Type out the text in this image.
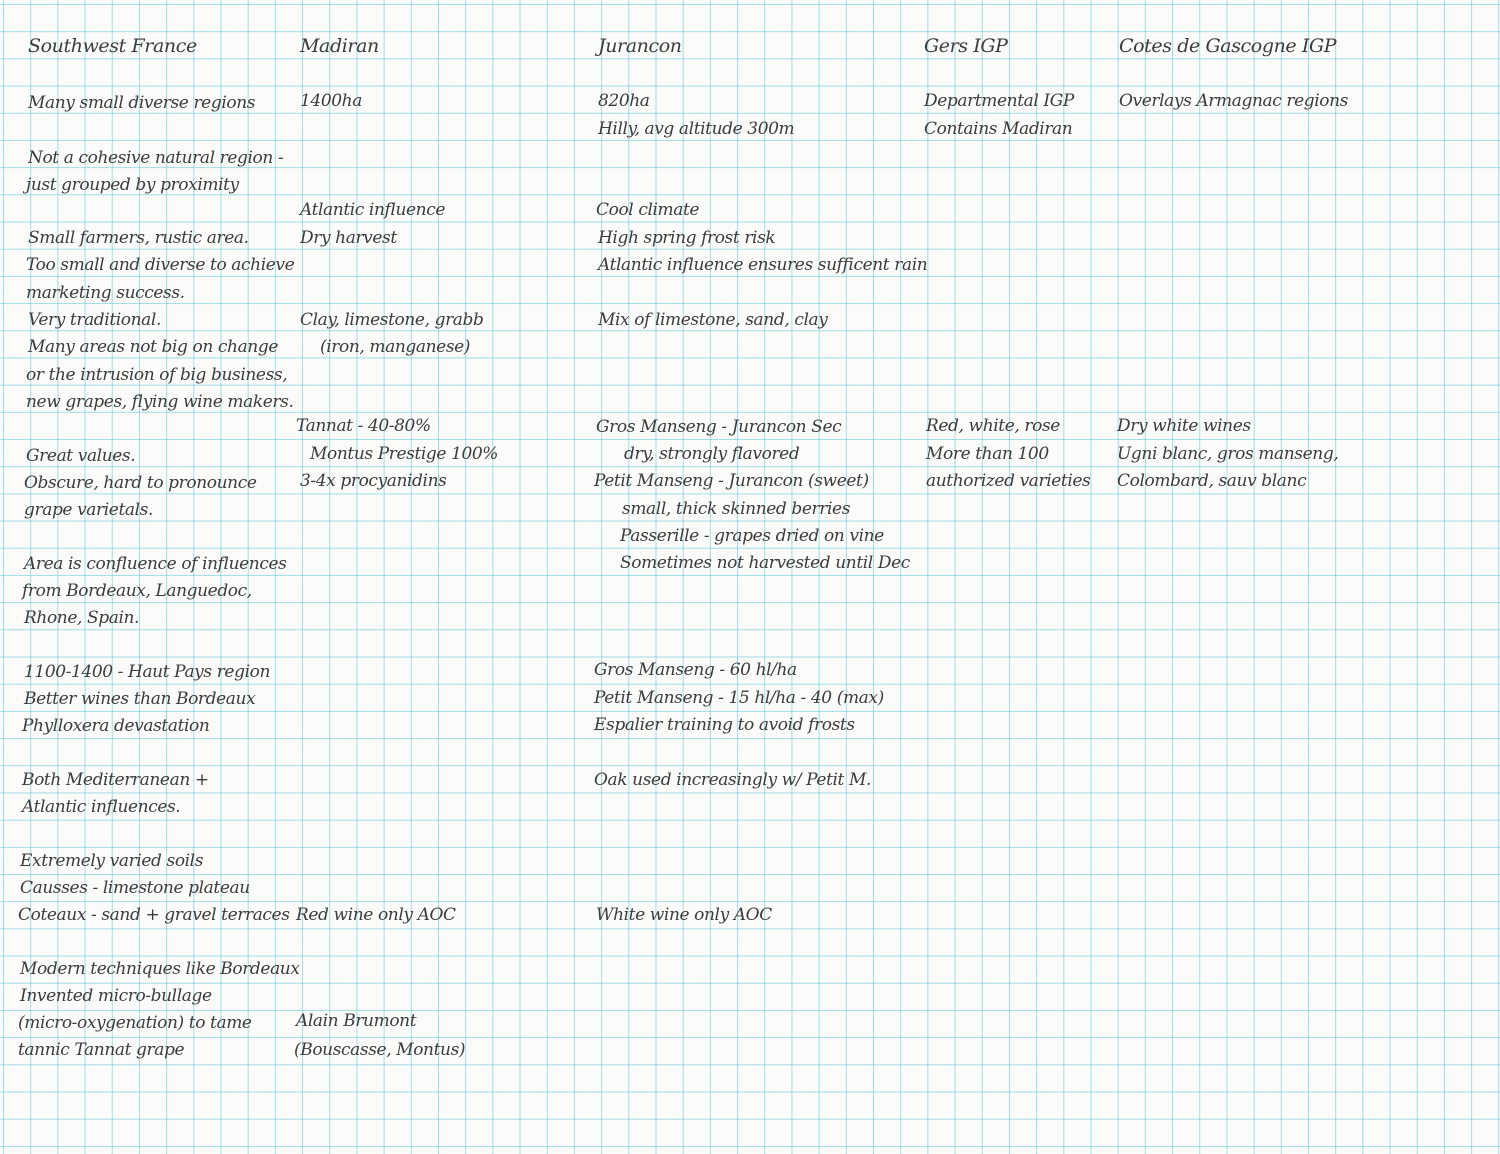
Southwest France
Many small diverse regions
Not a cohesive natural region -
just grouped by proximity
Small farmers, rustic area.
Too small and diverse to achieve
marketing success.
Very traditional.
Many areas not big on change
or the intrusion of big business,
new grapes, flying wine makers.
Great values.
Obscure, hard to pronounce
grape varietals.
Area is confluence of influences
from Bordeaux, Languedoc,
Rhone, Spain.
1100-1400 - Haut Pays region
Better wines than Bordeaux
Phylloxera devastation
Both Mediterranean +
Atlantic influences.
Extremely varied soils
Causses - limestone plateau
Coteaux - sand + gravel terraces
Modern techniques like Bordeaux
Invented micro-bullage
(micro-oxygenation) to tame
tannic Tannat grape
Madiran
1400ha
Atlantic influence
Dry harvest
Clay, limestone, grabb
(iron, manganese)
Tannat - 40-80%
Montus Prestige 100%
3-4x procyanidins
Red wine only AOC
Alain Brumont
(Bouscasse, Montus)
Jurancon
820ha
Hilly, avg altitude 300m
Cool climate
High spring frost risk
Atlantic influence ensures sufficent rain
Mix of limestone, sand, clay
Gros Manseng - Jurancon Sec
dry, strongly flavored
Petit Manseng - Jurancon (sweet)
small, thick skinned berries
Passerille - grapes dried on vine
Sometimes not harvested until Dec
Gros Manseng - 60 hl/ha
Petit Manseng - 15 hl/ha - 40 (max)
Espalier training to avoid frosts
Oak used increasingly w/ Petit M.
White wine only AOC
Gers IGP
Departmental IGP
Contains Madiran
Red, white, rose
More than 100
authorized varieties
Cotes de Gascogne IGP
Overlays Armagnac regions
Dry white wines
Ugni blanc, gros manseng,
Colombard, sauv blanc
